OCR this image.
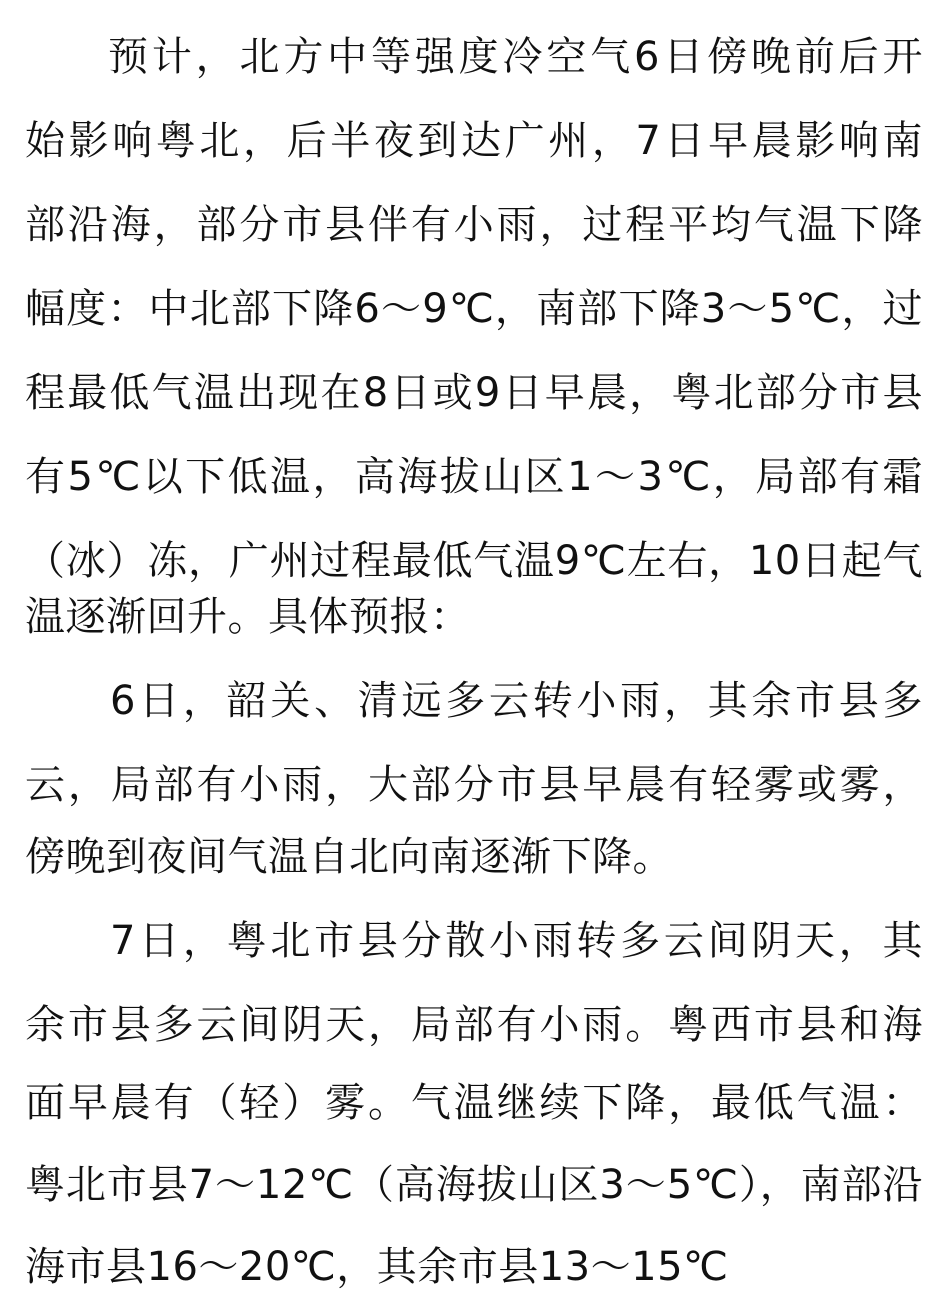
预计，北方中等强度冷空气6日傍晚前后开
始影响粤北，后半夜到达广州，7日早晨影响南
部沿海，部分市县伴有小雨，过程平均气温下降
幅度：中北部下降6～9℃，南部下降3～5℃，过
程最低气温出现在8日或9日早晨，粤北部分市县
有5℃以下低温，高海拔山区1～3℃，局部有霜
（冰）冻，广州过程最低气温9℃左右，10日起气
温逐渐回升。具体预报：
6日，韶关、清远多云转小雨，其余市县多
云，局部有小雨，大部分市县早晨有轻雾或雾，
傍晚到夜间气温自北向南逐渐下降。
7日，粤北市县分散小雨转多云间阴天，其
余市县多云间阴天，局部有小雨。粤西市县和海
面早晨有（轻）雾。气温继续下降，最低气温：
粤北市县7～12℃（高海拔山区3～5℃），南部沿
海市县16～20℃，其余市县13～15℃
